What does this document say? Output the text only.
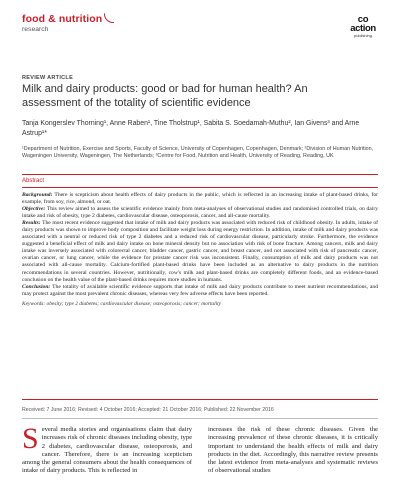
food & nutrition
research
co
action
publishing
REVIEW ARTICLE
Milk and dairy products: good or bad for human health? An assessment of the totality of scientific evidence
Tanja Kongerslev Thorning¹, Anne Raben¹, Tine Tholstrup¹, Sabita S. Soedamah-Muthu², Ian Givens³ and Arne Astrup¹*
¹Department of Nutrition, Exercise and Sports, Faculty of Science, University of Copenhagen, Copenhagen, Denmark; ²Division of Human Nutrition, Wageningen University, Wageningen, The Netherlands; ³Centre for Food, Nutrition and Health, University of Reading, Reading, UK
Abstract

Background: There is scepticism about health effects of dairy products in the public, which is reflected in an increasing intake of plant-based drinks, for example, from soy, rice, almond, or oat.

Objective: This review aimed to assess the scientific evidence mainly from meta-analyses of observational studies and randomised controlled trials, on dairy intake and risk of obesity, type 2 diabetes, cardiovascular disease, osteoporosis, cancer, and all-cause mortality.

Results: The most recent evidence suggested that intake of milk and dairy products was associated with reduced risk of childhood obesity. In adults, intake of dairy products was shown to improve body composition and facilitate weight loss during energy restriction. In addition, intake of milk and dairy products was associated with a neutral or reduced risk of type 2 diabetes and a reduced risk of cardiovascular disease, particularly stroke. Furthermore, the evidence suggested a beneficial effect of milk and dairy intake on bone mineral density but no association with risk of bone fracture. Among cancers, milk and dairy intake was inversely associated with colorectal cancer, bladder cancer, gastric cancer, and breast cancer, and not associated with risk of pancreatic cancer, ovarian cancer, or lung cancer, while the evidence for prostate cancer risk was inconsistent. Finally, consumption of milk and dairy products was not associated with all-cause mortality. Calcium-fortified plant-based drinks have been included as an alternative to dairy products in the nutrition recommendations in several countries. However, nutritionally, cow's milk and plant-based drinks are completely different foods, and an evidence-based conclusion on the health value of the plant-based drinks requires more studies in humans.

Conclusion: The totality of available scientific evidence supports that intake of milk and dairy products contribute to meet nutrient recommendations, and may protect against the most prevalent chronic diseases, whereas very few adverse effects have been reported.

Keywords: obesity; type 2 diabetes; cardiovascular disease; osteoporosis; cancer; mortality
Received: 7 June 2016; Revised: 4 October 2016; Accepted: 21 October 2016; Published: 22 November 2016
Several media stories and organisations claim that dairy increases risk of chronic diseases including obesity, type 2 diabetes, cardiovascular disease, osteoporosis, and cancer. Therefore, there is an increasing scepticism among the general consumers about the health consequences of intake of dairy products. This is reflected in
increases the risk of these chronic diseases. Given the increasing prevalence of these chronic diseases, it is critically important to understand the health effects of milk and dairy products in the diet. Accordingly, this narrative review presents the latest evidence from meta-analyses and systematic reviews of observational studies
